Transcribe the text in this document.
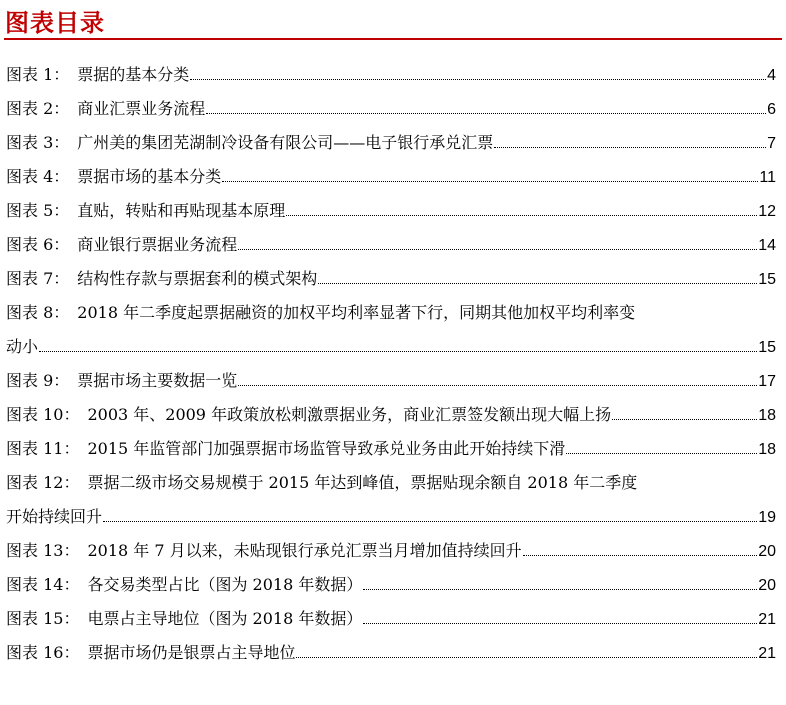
图表目录
图表 1： 票据的基本分类	4
图表 2： 商业汇票业务流程	6
图表 3： 广州美的集团芜湖制冷设备有限公司——电子银行承兑汇票	7
图表 4： 票据市场的基本分类	11
图表 5： 直贴，转贴和再贴现基本原理	12
图表 6： 商业银行票据业务流程	14
图表 7： 结构性存款与票据套利的模式架构	15
图表 8： 2018 年二季度起票据融资的加权平均利率显著下行，同期其他加权平均利率变
动小	15
图表 9： 票据市场主要数据一览	17
图表 10： 2003 年、2009 年政策放松刺激票据业务，商业汇票签发额出现大幅上扬	18
图表 11： 2015 年监管部门加强票据市场监管导致承兑业务由此开始持续下滑	18
图表 12： 票据二级市场交易规模于 2015 年达到峰值，票据贴现余额自 2018 年二季度
开始持续回升	19
图表 13： 2018 年 7 月以来，未贴现银行承兑汇票当月增加值持续回升	20
图表 14： 各交易类型占比（图为 2018 年数据）	20
图表 15： 电票占主导地位（图为 2018 年数据）	21
图表 16： 票据市场仍是银票占主导地位	21
